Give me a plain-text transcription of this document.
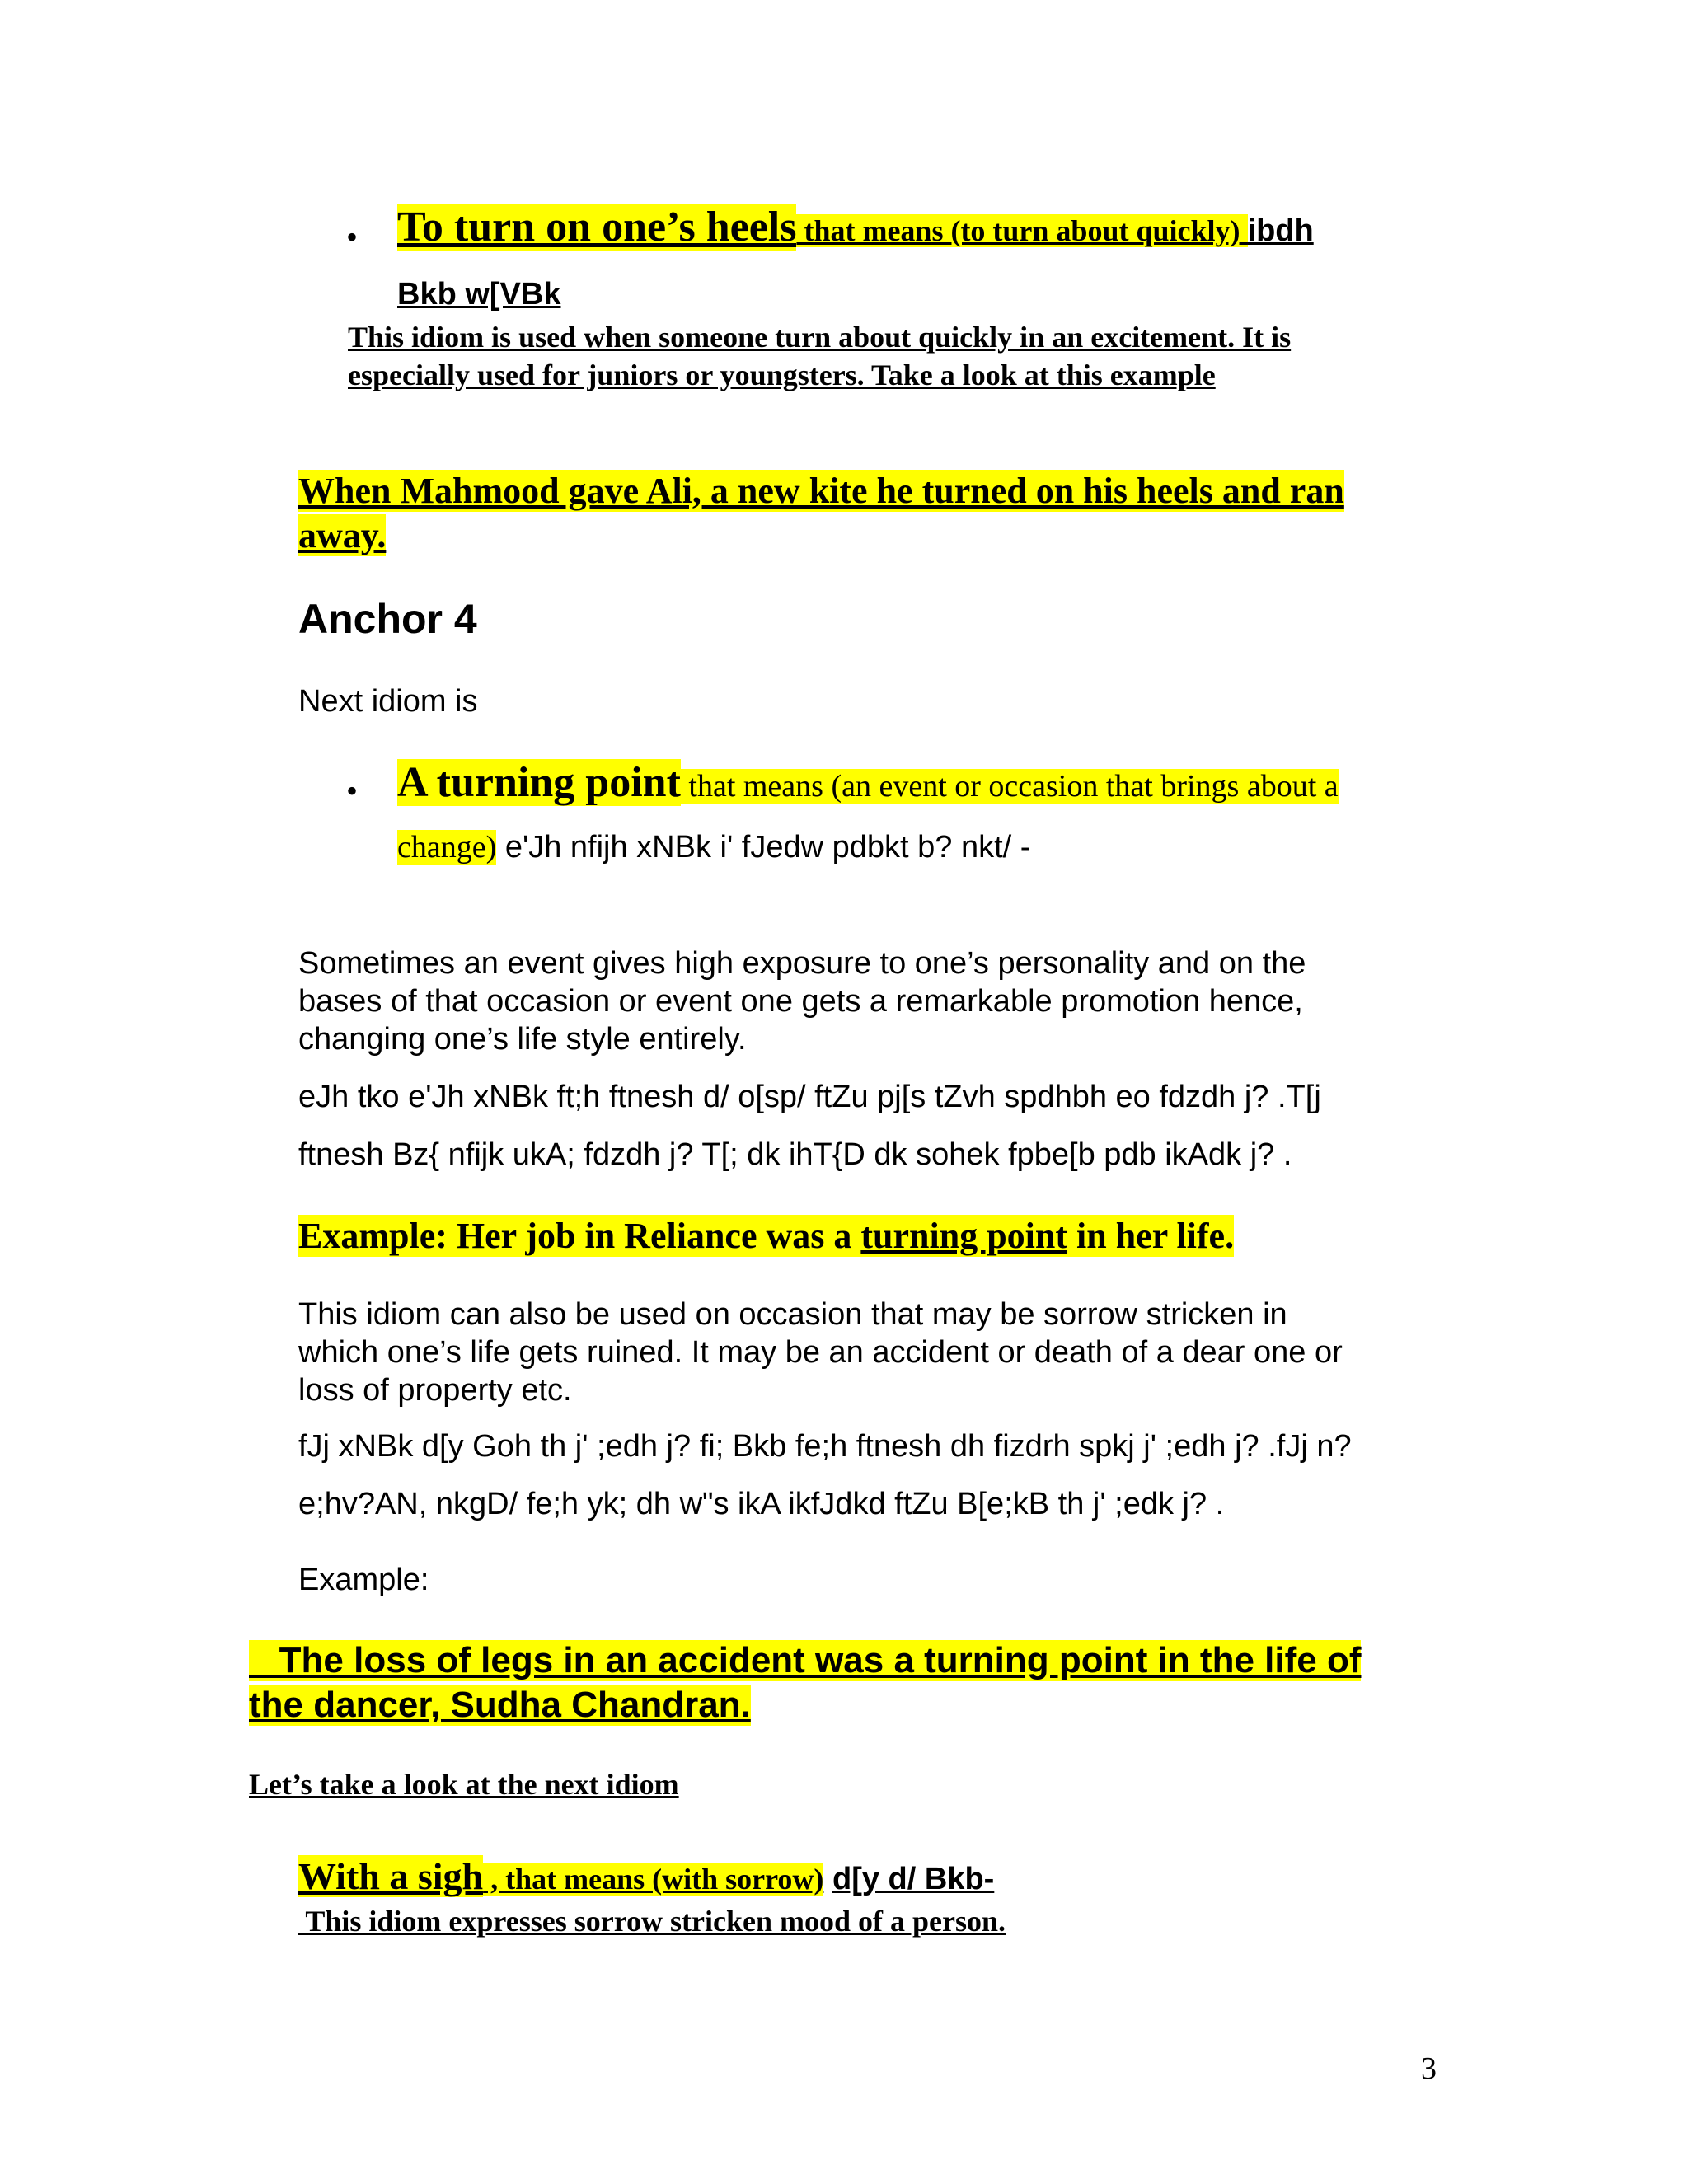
• To turn on one’s heels that means (to turn about quickly) ibdh
Bkb w[VBk
This idiom is used when someone turn about quickly in an excitement. It is
especially used for juniors or youngsters. Take a look at this example
When Mahmood gave Ali, a new kite he turned on his heels and ran
away.
Anchor 4
Next idiom is
• A turning point that means (an event or occasion that brings about a
change) e'Jh nfijh xNBk i' fJedw pdbkt b? nkt/ -
Sometimes an event gives high exposure to one’s personality and on the
bases of that occasion or event one gets a remarkable promotion hence,
changing one’s life style entirely.
eJh tko e'Jh xNBk ft;h ftnesh d/ o[sp/ ftZu pj[s tZvh spdhbh eo fdzdh j? .T[j
ftnesh Bz{ nfijk ukA; fdzdh j? T[; dk ihT{D dk sohek fpbe[b pdb ikAdk j? .
Example: Her job in Reliance was a turning point in her life.
This idiom can also be used on occasion that may be sorrow stricken in
which one’s life gets ruined. It may be an accident or death of a dear one or
loss of property etc.
fJj xNBk d[y Goh th j' ;edh j? fi; Bkb fe;h ftnesh dh fizdrh spkj j' ;edh j? .fJj n?
e;hv?AN, nkgD/ fe;h yk; dh w"s ikA ikfJdkd ftZu B[e;kB th j' ;edk j? .
Example:
The loss of legs in an accident was a turning point in the life of
the dancer, Sudha Chandran.
Let’s take a look at the next idiom
With a sigh , that means (with sorrow) d[y d/ Bkb-
This idiom expresses sorrow stricken mood of a person.
3
